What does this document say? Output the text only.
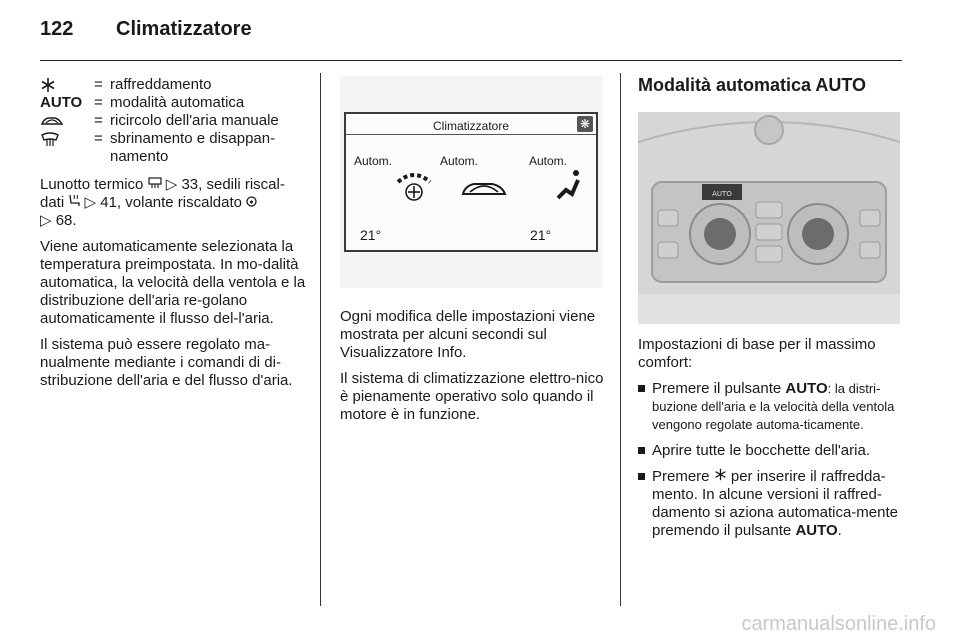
122	Climatizzatore
= raffreddamento
AUTO = modalità automatica
= ricircolo dell'aria manuale
= sbrinamento e disappan-
namento

Lunotto termico ▷ 33, sedili riscal- dati ▷ 41, volante riscaldato
▷ 68.

Viene automaticamente selezionata la temperatura preimpostata. In mo-dalità automatica, la velocità della ventola e la distribuzione dell'aria re-golano automaticamente il flusso del-l'aria.

Il sistema può essere regolato ma-nualmente mediante i comandi di di-stribuzione dell'aria e del flusso d'aria.

Climatizzatore	❋
Autom.	Autom.	Autom.
21°	21°

Ogni modifica delle impostazioni viene mostrata per alcuni secondi sul Visualizzatore Info.

Il sistema di climatizzazione elettro-nico è pienamente operativo solo quando il motore è in funzione.

Modalità automatica AUTO
AUTO

Impostazioni di base per il massimo comfort:

Premere il pulsante AUTO: la distri-buzione dell'aria e la velocità della ventola vengono regolate automa-ticamente.
Aprire tutte le bocchette dell'aria.
Premere per inserire il raffredda-mento. In alcune versioni il raffred-damento si aziona automatica-mente premendo il pulsante AUTO.
carmanualsonline.info
